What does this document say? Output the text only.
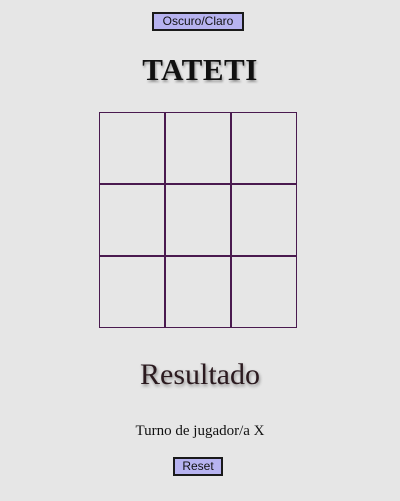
Oscuro/Claro
TATETI
Resultado
Turno de jugador/a X
Reset
